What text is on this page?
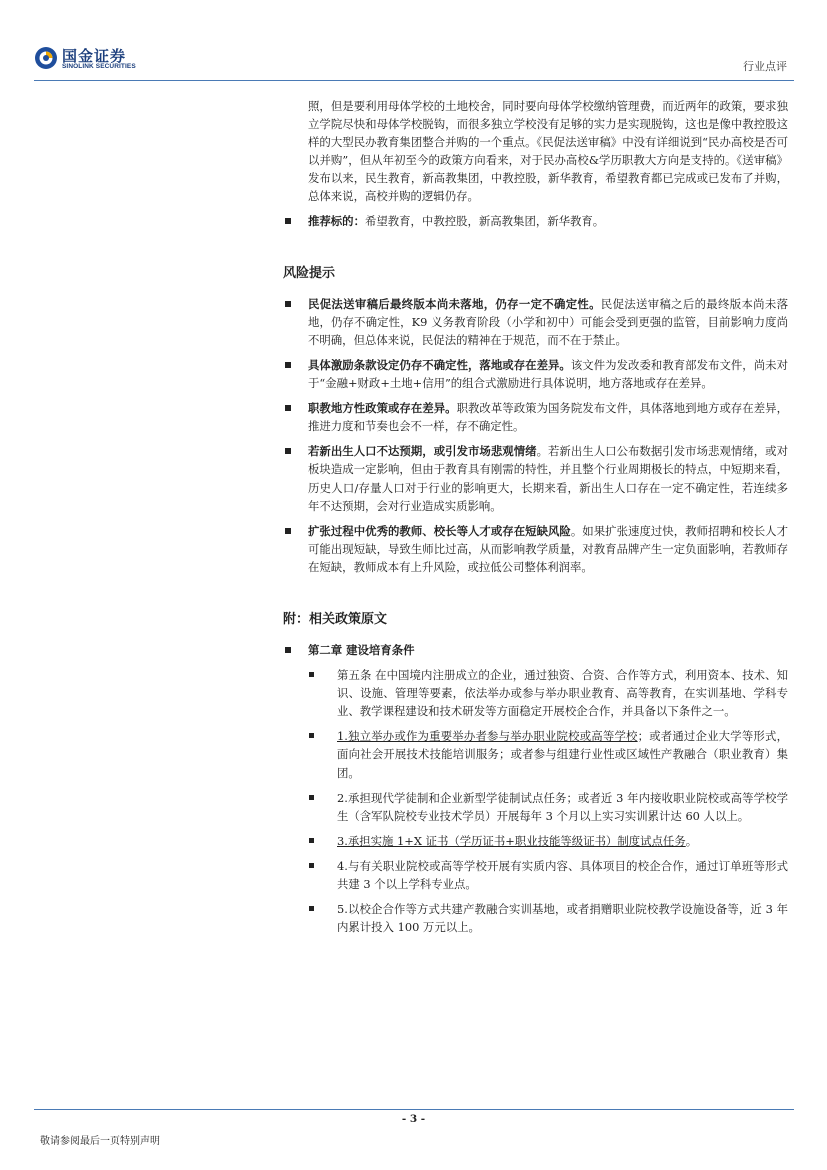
国金证券
SINOLINK SECURITIES	行业点评

照，但是要利用母体学校的土地校舍，同时要向母体学校缴纳管理费，而近两年的政策，要求独立学院尽快和母体学校脱钩，而很多独立学校没有足够的实力是实现脱钩，这也是像中教控股这样的大型民办教育集团整合并购的一个重点。《民促法送审稿》中没有详细说到“民办高校是否可以并购”，但从年初至今的政策方向看来，对于民办高校&学历职教大方向是支持的。《送审稿》发布以来，民生教育，新高教集团，中教控股，新华教育，希望教育都已完成或已发布了并购，总体来说，高校并购的逻辑仍存。

推荐标的：希望教育，中教控股，新高教集团，新华教育。
风险提示
民促法送审稿后最终版本尚未落地，仍存一定不确定性。民促法送审稿之后的最终版本尚未落地，仍存不确定性，K9 义务教育阶段（小学和初中）可能会受到更强的监管，目前影响力度尚不明确，但总体来说，民促法的精神在于规范，而不在于禁止。
具体激励条款设定仍存不确定性，落地或存在差异。该文件为发改委和教育部发布文件，尚未对于“金融+财政+土地+信用”的组合式激励进行具体说明，地方落地或存在差异。
职教地方性政策或存在差异。职教改革等政策为国务院发布文件，具体落地到地方或存在差异，推进力度和节奏也会不一样，存不确定性。
若新出生人口不达预期，或引发市场悲观情绪。若新出生人口公布数据引发市场悲观情绪，或对板块造成一定影响，但由于教育具有刚需的特性，并且整个行业周期极长的特点，中短期来看，历史人口/存量人口对于行业的影响更大，长期来看，新出生人口存在一定不确定性，若连续多年不达预期，会对行业造成实质影响。
扩张过程中优秀的教师、校长等人才或存在短缺风险。如果扩张速度过快，教师招聘和校长人才可能出现短缺，导致生师比过高，从而影响教学质量，对教育品牌产生一定负面影响，若教师存在短缺，教师成本有上升风险，或拉低公司整体利润率。
附：相关政策原文
第二章 建设培育条件
第五条 在中国境内注册成立的企业，通过独资、合资、合作等方式，利用资本、技术、知识、设施、管理等要素，依法举办或参与举办职业教育、高等教育，在实训基地、学科专业、教学课程建设和技术研发等方面稳定开展校企合作，并具备以下条件之一。
1.独立举办或作为重要举办者参与举办职业院校或高等学校；或者通过企业大学等形式，面向社会开展技术技能培训服务；或者参与组建行业性或区域性产教融合（职业教育）集团。
2.承担现代学徒制和企业新型学徒制试点任务；或者近 3 年内接收职业院校或高等学校学生（含军队院校专业技术学员）开展每年 3 个月以上实习实训累计达 60 人以上。
3.承担实施 1+X 证书（学历证书+职业技能等级证书）制度试点任务。
4.与有关职业院校或高等学校开展有实质内容、具体项目的校企合作，通过订单班等形式共建 3 个以上学科专业点。
5.以校企合作等方式共建产教融合实训基地，或者捐赠职业院校教学设施设备等，近 3 年内累计投入 100 万元以上。
- 3 -
敬请参阅最后一页特别声明
